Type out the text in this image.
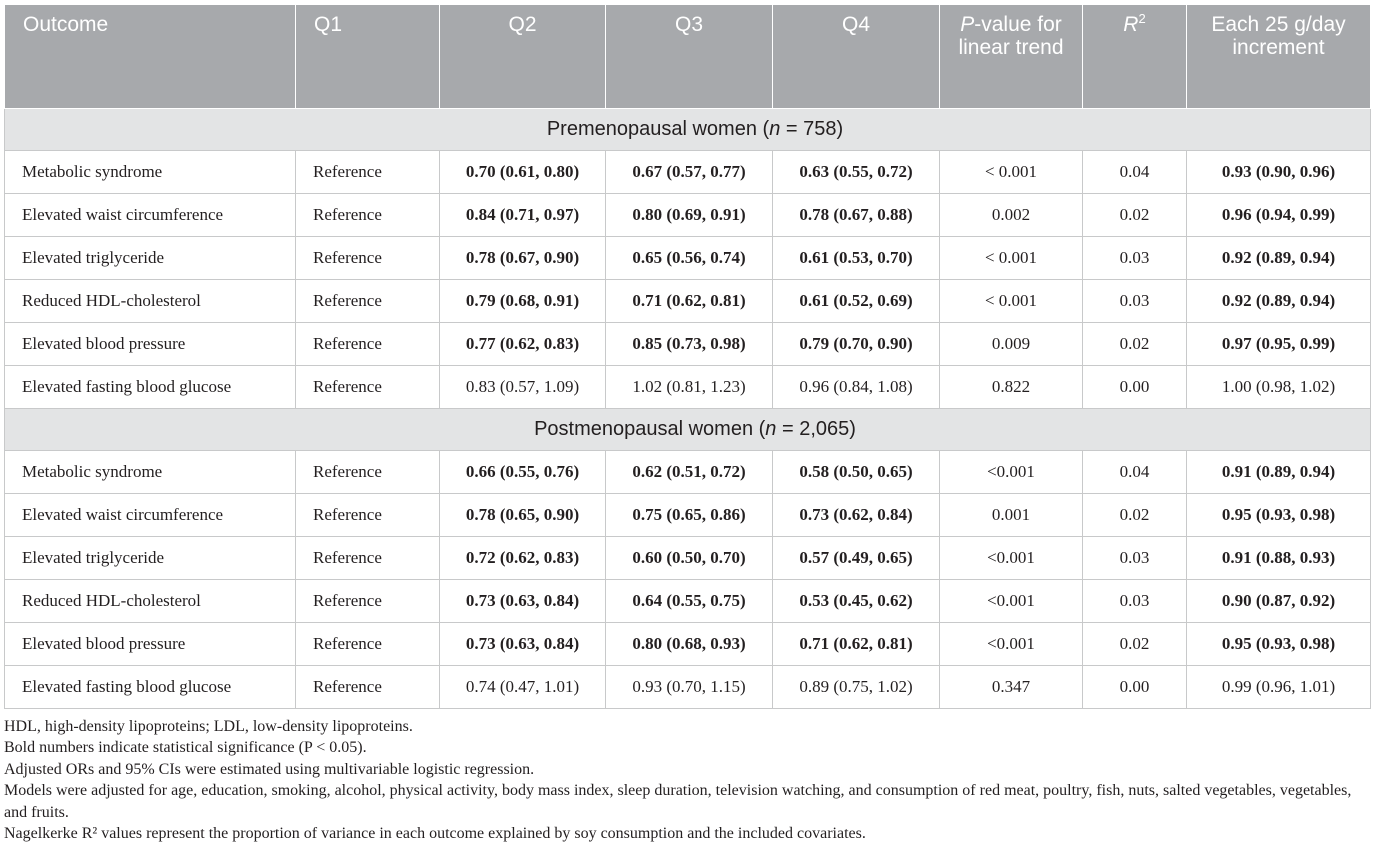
Outcome	Q1	Q2	Q3	Q4	P-value for linear trend	$R^2$	Each 25 g/day increment
Premenopausal women (n = 758)							
Metabolic syndrome	Reference	0.70 (0.61, 0.80)	0.67 (0.57, 0.77)	0.63 (0.55, 0.72)	< 0.001	0.04	0.93 (0.90, 0.96)
Elevated waist circumference	Reference	0.84 (0.71, 0.97)	0.80 (0.69, 0.91)	0.78 (0.67, 0.88)	0.002	0.02	0.96 (0.94, 0.99)
Elevated triglyceride	Reference	0.78 (0.67, 0.90)	0.65 (0.56, 0.74)	0.61 (0.53, 0.70)	< 0.001	0.03	0.92 (0.89, 0.94)
Reduced HDL-cholesterol	Reference	0.79 (0.68, 0.91)	0.71 (0.62, 0.81)	0.61 (0.52, 0.69)	< 0.001	0.03	0.92 (0.89, 0.94)
Elevated blood pressure	Reference	0.77 (0.62, 0.83)	0.85 (0.73, 0.98)	0.79 (0.70, 0.90)	0.009	0.02	0.97 (0.95, 0.99)
Elevated fasting blood glucose	Reference	0.83 (0.57, 1.09)	1.02 (0.81, 1.23)	0.96 (0.84, 1.08)	0.822	0.00	1.00 (0.98, 1.02)
Postmenopausal women (n = 2,065)							
Metabolic syndrome	Reference	0.66 (0.55, 0.76)	0.62 (0.51, 0.72)	0.58 (0.50, 0.65)	<0.001	0.04	0.91 (0.89, 0.94)
Elevated waist circumference	Reference	0.78 (0.65, 0.90)	0.75 (0.65, 0.86)	0.73 (0.62, 0.84)	0.001	0.02	0.95 (0.93, 0.98)
Elevated triglyceride	Reference	0.72 (0.62, 0.83)	0.60 (0.50, 0.70)	0.57 (0.49, 0.65)	<0.001	0.03	0.91 (0.88, 0.93)
Reduced HDL-cholesterol	Reference	0.73 (0.63, 0.84)	0.64 (0.55, 0.75)	0.53 (0.45, 0.62)	<0.001	0.03	0.90 (0.87, 0.92)
Elevated blood pressure	Reference	0.73 (0.63, 0.84)	0.80 (0.68, 0.93)	0.71 (0.62, 0.81)	<0.001	0.02	0.95 (0.93, 0.98)
Elevated fasting blood glucose	Reference	0.74 (0.47, 1.01)	0.93 (0.70, 1.15)	0.89 (0.75, 1.02)	0.347	0.00	0.99 (0.96, 1.01)
HDL, high-density lipoproteins; LDL, low-density lipoproteins.
Bold numbers indicate statistical significance (P < 0.05).
Adjusted ORs and 95% CIs were estimated using multivariable logistic regression.
Models were adjusted for age, education, smoking, alcohol, physical activity, body mass index, sleep duration, television watching, and consumption of red meat, poultry, fish, nuts, salted vegetables, vegetables, and fruits.
Nagelkerke R² values represent the proportion of variance in each outcome explained by soy consumption and the included covariates.
